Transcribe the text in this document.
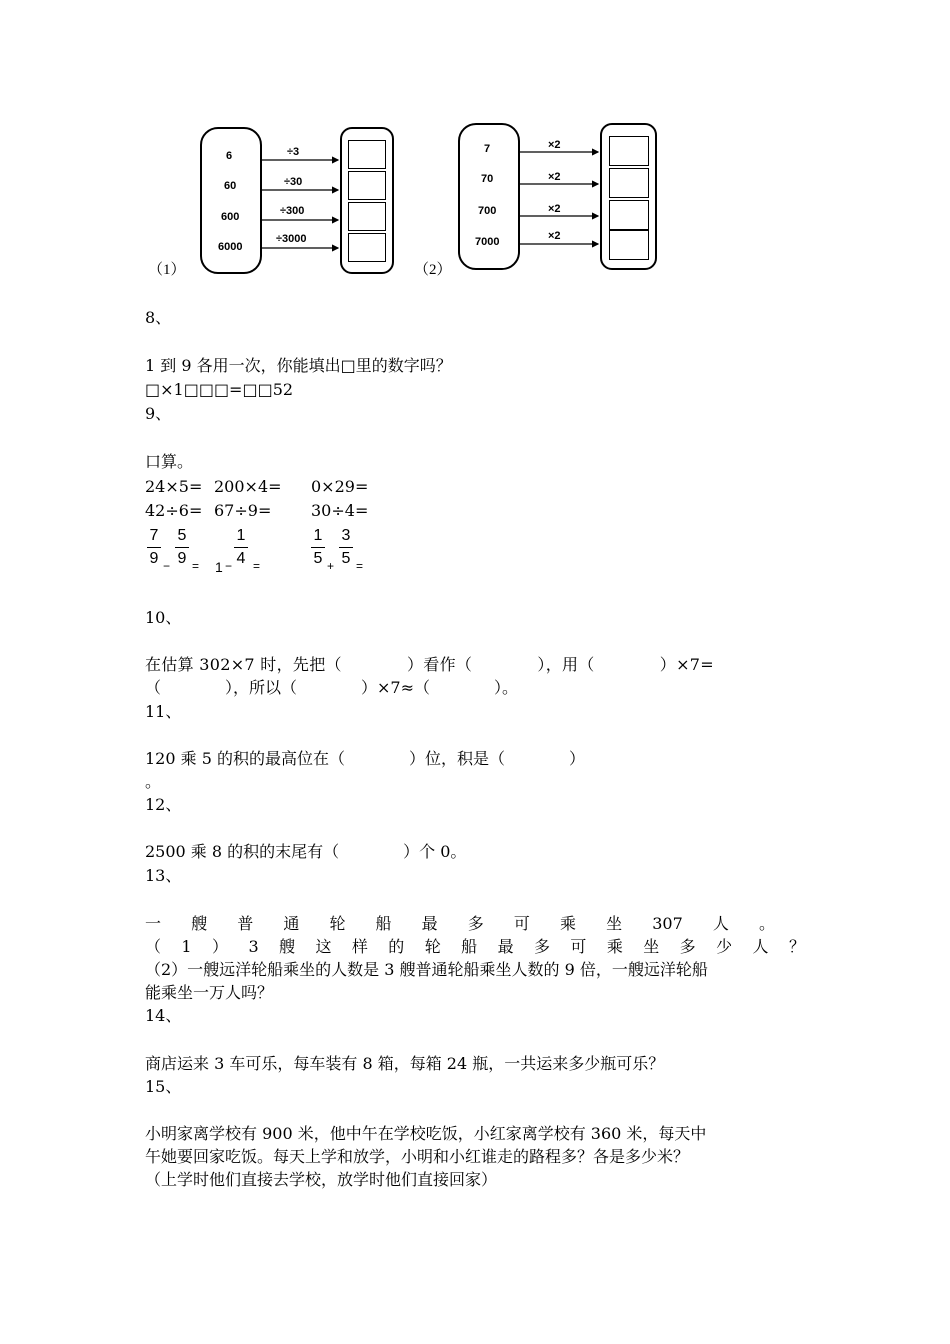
（1）
6
60
600
6000
÷3
÷30
÷300
÷3000
（2）
7
70
700
7000
×2
×2
×2
×2
8、
1 到 9 各用一次，你能填出□里的数字吗？
□×1□□□=□□52
9、
口算。
24×5= 200×4= 0×29=
42÷6= 67÷9= 30÷4=
7
9 −
5
9 = 1 −
1
4 =
1
5 +
3
5 =
10、
在估算 302×7 时，先把（　　　　）看作（　　　　），用（　　　　）×7=
（　　　　），所以（　　　　）×7≈（　　　　）。
11、
120 乘 5 的积的最高位在（　　　　）位，积是（　　　　）
。
12、
2500 乘 8 的积的末尾有（　　　　）个 0。
13、
一 艘 普 通 轮 船 最 多 可 乘 坐 307 人 。
（ 1 ） 3 艘 这 样 的 轮 船 最 多 可 乘 坐 多 少 人 ？
（2）一艘远洋轮船乘坐的人数是 3 艘普通轮船乘坐人数的 9 倍，一艘远洋轮船
能乘坐一万人吗？
14、
商店运来 3 车可乐，每车装有 8 箱，每箱 24 瓶，一共运来多少瓶可乐？
15、
小明家离学校有 900 米，他中午在学校吃饭，小红家离学校有 360 米，每天中
午她要回家吃饭。每天上学和放学，小明和小红谁走的路程多？各是多少米？
（上学时他们直接去学校，放学时他们直接回家）
